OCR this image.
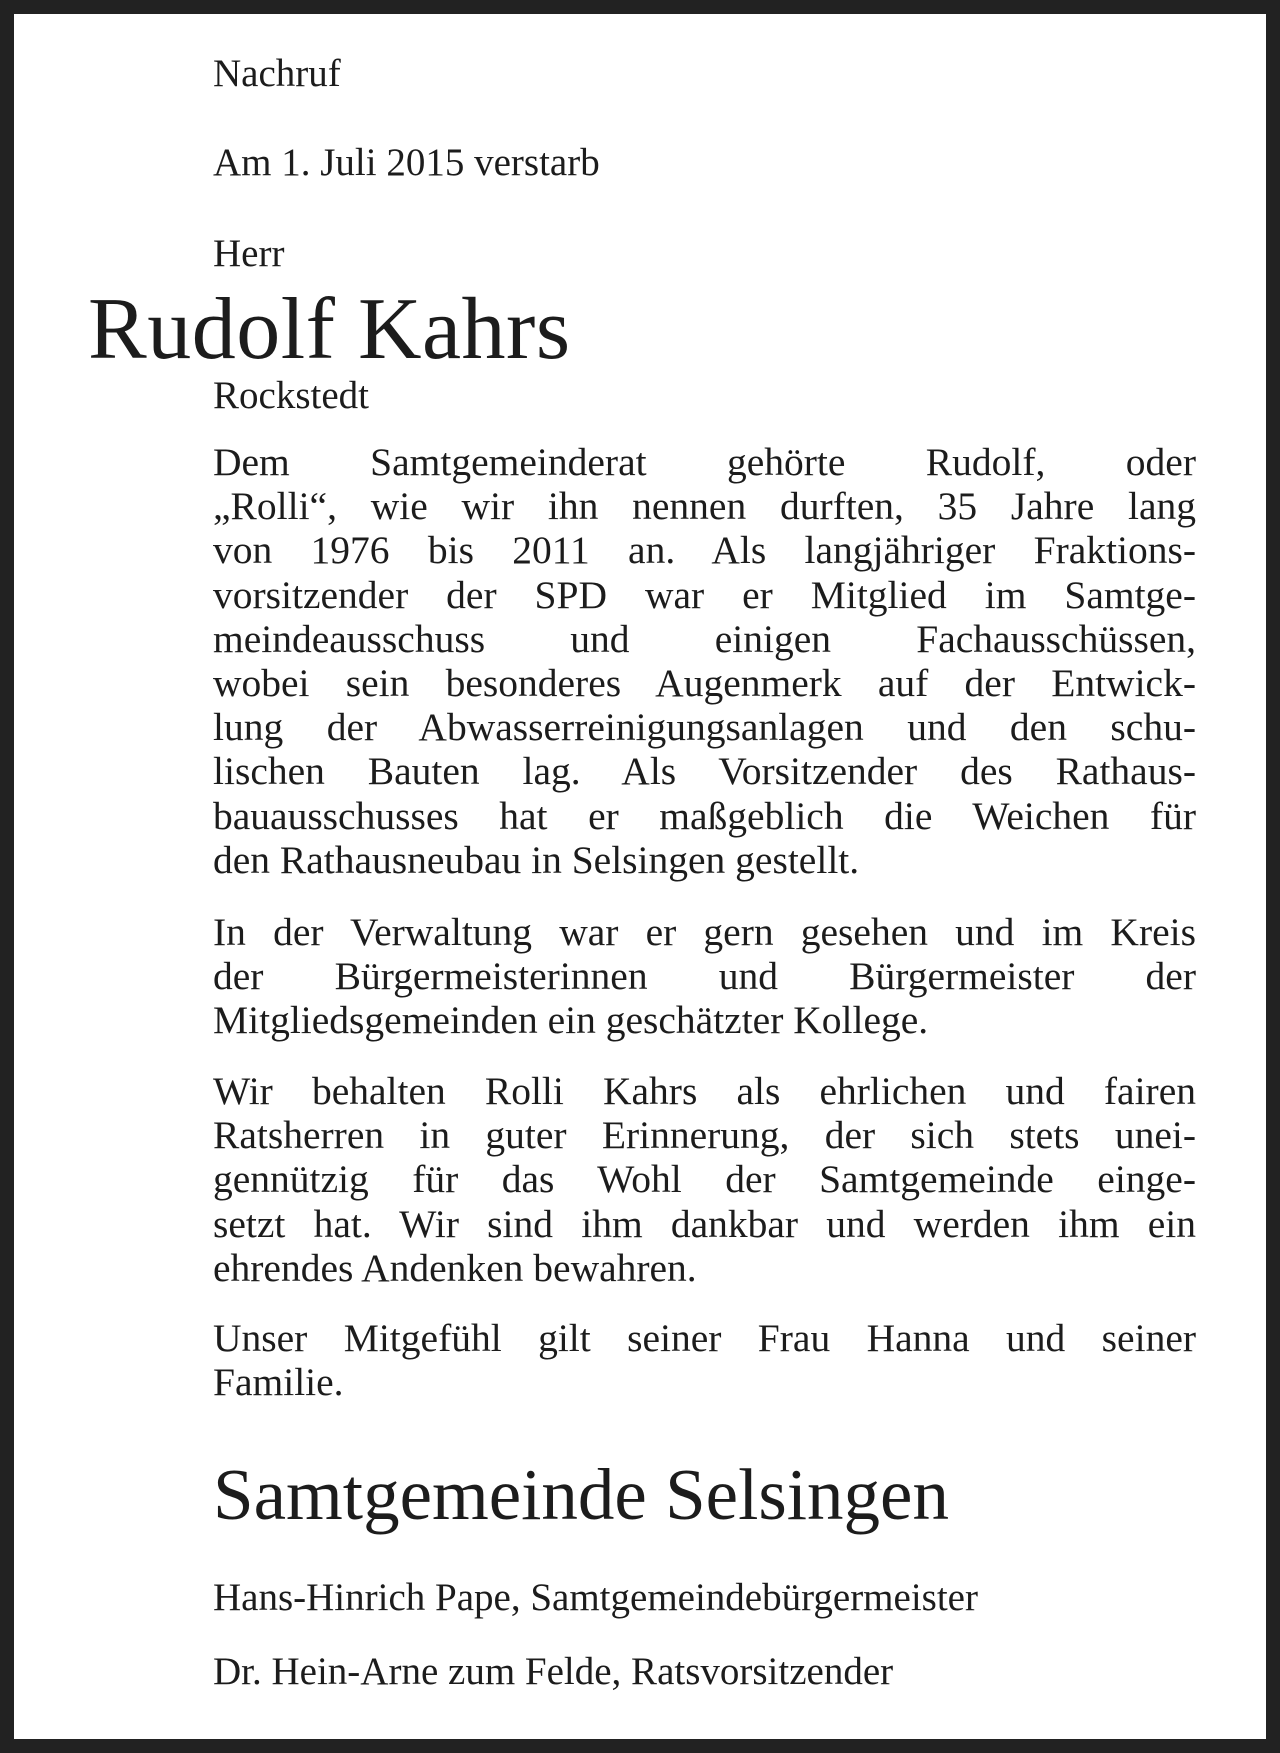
Nachruf
Am 1. Juli 2015 verstarb
Herr
Rudolf Kahrs
Rockstedt
Dem Samtgemeinderat gehörte Rudolf, oder
„Rolli“, wie wir ihn nennen durften, 35 Jahre lang
von 1976 bis 2011 an. Als langjähriger Fraktions-
vorsitzender der SPD war er Mitglied im Samtge-
meindeausschuss und einigen Fachausschüssen,
wobei sein besonderes Augenmerk auf der Entwick-
lung der Abwasserreinigungsanlagen und den schu-
lischen Bauten lag. Als Vorsitzender des Rathaus-
bauausschusses hat er maßgeblich die Weichen für
den Rathausneubau in Selsingen gestellt.
In der Verwaltung war er gern gesehen und im Kreis
der Bürgermeisterinnen und Bürgermeister der
Mitgliedsgemeinden ein geschätzter Kollege.
Wir behalten Rolli Kahrs als ehrlichen und fairen
Ratsherren in guter Erinnerung, der sich stets unei-
gennützig für das Wohl der Samtgemeinde einge-
setzt hat. Wir sind ihm dankbar und werden ihm ein
ehrendes Andenken bewahren.
Unser Mitgefühl gilt seiner Frau Hanna und seiner
Familie.
Samtgemeinde Selsingen
Hans-Hinrich Pape, Samtgemeindebürgermeister
Dr. Hein-Arne zum Felde, Ratsvorsitzender
